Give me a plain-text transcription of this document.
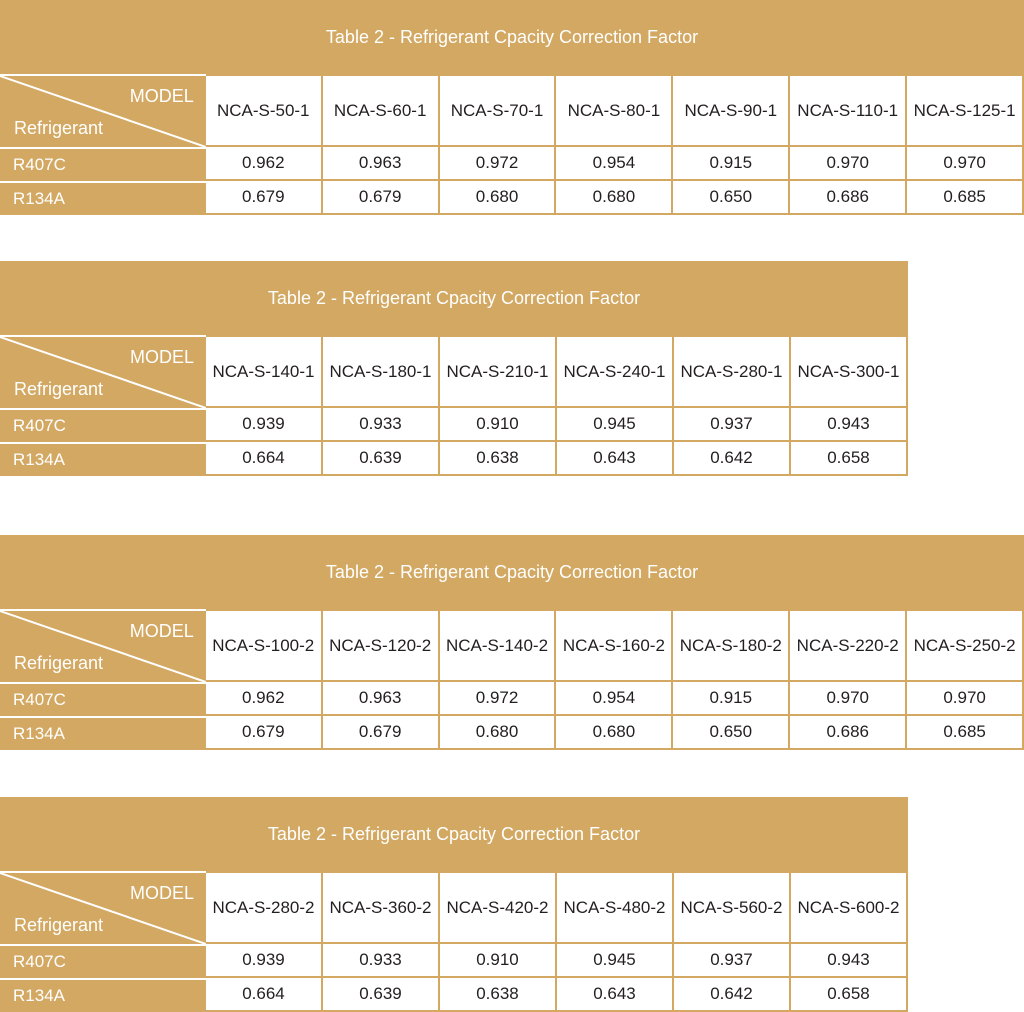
Table 2 - Refrigerant Cpacity Correction Factor
MODEL
Refrigerant
NCA-S-50-1	NCA-S-60-1	NCA-S-70-1	NCA-S-80-1	NCA-S-90-1	NCA-S-110-1 NCA-S-125-1
R407C	0.962	0.963	0.972	0.954	0.915	0.970	0.970
R134A	0.679	0.679	0.680	0.680	0.650	0.686	0.685
Table 2 - Refrigerant Cpacity Correction Factor
MODEL
Refrigerant
NCA-S-140-1 NCA-S-180-1 NCA-S-210-1 NCA-S-240-1 NCA-S-280-1 NCA-S-300-1
R407C	0.939	0.933	0.910	0.945	0.937	0.943
R134A	0.664	0.639	0.638	0.643	0.642	0.658
Table 2 - Refrigerant Cpacity Correction Factor
MODEL
Refrigerant
NCA-S-100-2 NCA-S-120-2 NCA-S-140-2 NCA-S-160-2 NCA-S-180-2 NCA-S-220-2 NCA-S-250-2
R407C	0.962	0.963	0.972	0.954	0.915	0.970	0.970
R134A	0.679	0.679	0.680	0.680	0.650	0.686	0.685
Table 2 - Refrigerant Cpacity Correction Factor
MODEL
Refrigerant
NCA-S-280-2 NCA-S-360-2 NCA-S-420-2 NCA-S-480-2 NCA-S-560-2 NCA-S-600-2
R407C	0.939	0.933	0.910	0.945	0.937	0.943
R134A	0.664	0.639	0.638	0.643	0.642	0.658
